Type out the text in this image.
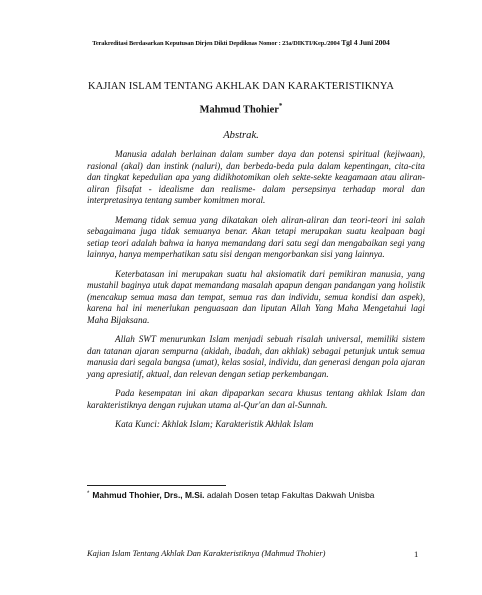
Terakreditasi Berdasarkan Keputusan Dirjen Dikti Depdiknas Nomor : 23a/DIKTI/Kep./2004 Tgl 4 Juni 2004
KAJIAN ISLAM TENTANG AKHLAK DAN KARAKTERISTIKNYA
Mahmud Thohier*
Abstrak.

Manusia adalah berlainan dalam sumber daya dan potensi spiritual (kejiwaan), rasional (akal) dan instink (naluri), dan berbeda-beda pula dalam kepentingan, cita-cita dan tingkat kepedulian apa yang didikhotomikan oleh sekte-sekte keagamaan atau aliran-aliran filsafat - idealisme dan realisme- dalam persepsinya terhadap moral dan interpretasinya tentang sumber komitmen moral.

Memang tidak semua yang dikatakan oleh aliran-aliran dan teori-teori ini salah sebagaimana juga tidak semuanya benar. Akan tetapi merupakan suatu kealpaan bagi setiap teori adalah bahwa ia hanya memandang dari satu segi dan mengabaikan segi yang lainnya, hanya memperhatikan satu sisi dengan mengorbankan sisi yang lainnya.

Keterbatasan ini merupakan suatu hal aksiomatik dari pemikiran manusia, yang mustahil baginya utuk dapat memandang masalah apapun dengan pandangan yang holistik (mencakup semua masa dan tempat, semua ras dan individu, semua kondisi dan aspek), karena hal ini menerlukan penguasaan dan liputan Allah Yang Maha Mengetahui lagi Maha Bijaksana.

Allah SWT menurunkan Islam menjadi sebuah risalah universal, memiliki sistem dan tatanan ajaran sempurna (akidah, ibadah, dan akhlak) sebagai petunjuk untuk semua manusia dari segala bangsa (umat), kelas sosial, individu, dan generasi dengan pola ajaran yang apresiatif, aktual, dan relevan dengan setiap perkembangan.

Pada kesempatan ini akan dipaparkan secara khusus tentang akhlak Islam dan karakteristiknya dengan rujukan utama al-Qur'an dan al-Sunnah.

Kata Kunci: Akhlak Islam; Karakteristik Akhlak Islam

* Mahmud Thohier, Drs., M.Si. adalah Dosen tetap Fakultas Dakwah Unisba
Kajian Islam Tentang Akhlak Dan Karakteristiknya (Mahmud Thohier)	1
